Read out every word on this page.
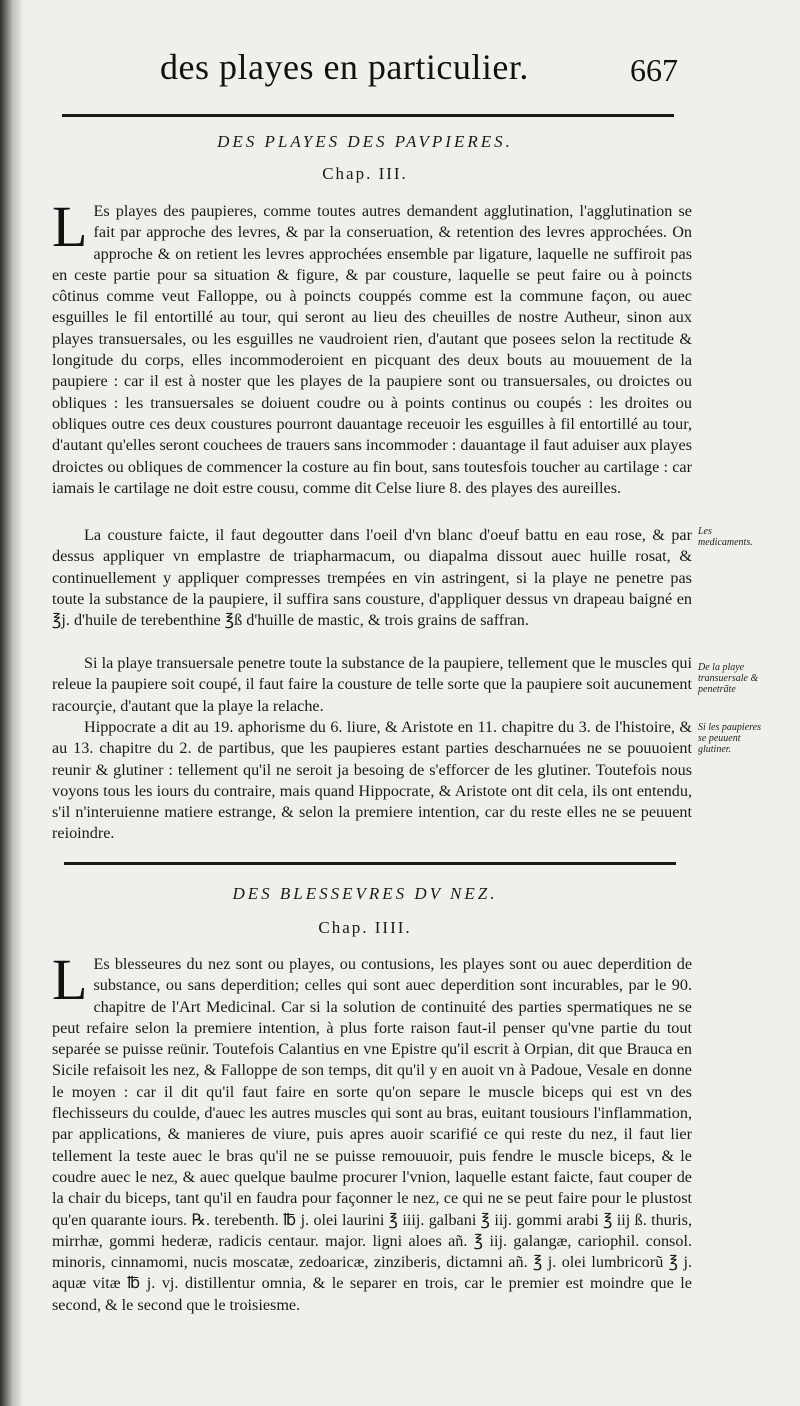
des playes en particulier.	667
DES PLAYES DES PAVPIERES.
Chap. III.
L Es playes des paupieres, comme toutes autres demandent agglutination, l'agglutination se fait par approche des levres, & par la conseruation, & retention des levres approchées. On approche & on retient les levres approchées ensemble par ligature, laquelle ne suffiroit pas en ceste partie pour sa situation & figure, & par cousture, laquelle se peut faire ou à poincts côtinus comme veut Falloppe, ou à poincts couppés comme est la commune façon, ou auec esguilles le fil entortillé au tour, qui seront au lieu des cheuilles de nostre Autheur, sinon aux playes transuersales, ou les esguilles ne vaudroient rien, d'autant que posees selon la rectitude & longitude du corps, elles incommoderoient en picquant des deux bouts au mouuement de la paupiere : car il est à noster que les playes de la paupiere sont ou transuersales, ou droictes ou obliques : les transuersales se doiuent coudre ou à points continus ou coupés : les droites ou obliques outre ces deux coustures pourront dauantage receuoir les esguilles à fil entortillé au tour, d'autant qu'elles seront couchees de trauers sans incommoder : dauantage il faut aduiser aux playes droictes ou obliques de commencer la costure au fin bout, sans toutesfois toucher au cartilage : car iamais le cartilage ne doit estre cousu, comme dit Celse liure 8. des playes des aureilles.
La cousture faicte, il faut degoutter dans l'oeil d'vn blanc d'oeuf battu en eau rose, & par dessus appliquer vn emplastre de triapharmacum, ou diapalma dissout auec huille rosat, & continuellement y appliquer compresses trempées en vin astringent, si la playe ne penetre pas toute la substance de la paupiere, il suffira sans cousture, d'appliquer dessus vn drapeau baigné en ℥j. d'huile de terebenthine ℥ß d'huille de mastic, & trois grains de saffran.
Si la playe transuersale penetre toute la substance de la paupiere, tellement que le muscles qui releue la paupiere soit coupé, il faut faire la cousture de telle sorte que la paupiere soit aucunement racourçie, d'autant que la playe la relache.
Hippocrate a dit au 19. aphorisme du 6. liure, & Aristote en 11. chapitre du 3. de l'histoire, & au 13. chapitre du 2. de partibus, que les paupieres estant parties descharnuées ne se pouuoient reunir & glutiner : tellement qu'il ne seroit ja besoing de s'efforcer de les glutiner. Toutefois nous voyons tous les iours du contraire, mais quand Hippocrate, & Aristote ont dit cela, ils ont entendu, s'il n'interuienne matiere estrange, & selon la premiere intention, car du reste elles ne se peuuent reioindre.
Les medicaments.
De la playe transuersale & penetrãte
Si les paupieres se peuuent glutiner.
DES BLESSEVRES DV NEZ.
Chap. IIII.
L Es blesseures du nez sont ou playes, ou contusions, les playes sont ou auec deperdition de substance, ou sans deperdition; celles qui sont auec deperdition sont incurables, par le 90. chapitre de l'Art Medicinal. Car si la solution de continuité des parties spermatiques ne se peut refaire selon la premiere intention, à plus forte raison faut-il penser qu'vne partie du tout separée se puisse reünir. Toutefois Calantius en vne Epistre qu'il escrit à Orpian, dit que Brauca en Sicile refaisoit les nez, & Falloppe de son temps, dit qu'il y en auoit vn à Padoue, Vesale en donne le moyen : car il dit qu'il faut faire en sorte qu'on separe le muscle biceps qui est vn des flechisseurs du coulde, d'auec les autres muscles qui sont au bras, euitant tousiours l'inflammation, par applications, & manieres de viure, puis apres auoir scarifié ce qui reste du nez, il faut lier tellement la teste auec le bras qu'il ne se puisse remouuoir, puis fendre le muscle biceps, & le coudre auec le nez, & auec quelque baulme procurer l'vnion, laquelle estant faicte, faut couper de la chair du biceps, tant qu'il en faudra pour façonner le nez, ce qui ne se peut faire pour le plustost qu'en quarante iours. ℞. terebenth. ℔ j. olei laurini ℥ iiij. galbani ℥ iij. gommi arabi ℥ iij ß. thuris, mirrhæ, gommi hederæ, radicis centaur. major. ligni aloes añ. ℥ iij. galangæ, cariophil. consol. minoris, cinnamomi, nucis moscatæ, zedoaricæ, zinziberis, dictamni añ. ℥ j. olei lumbricorũ ℥ j. aquæ vitæ ℔ j. vj. distillentur omnia, & le separer en trois, car le premier est moindre que le second, & le second que le troisiesme.
